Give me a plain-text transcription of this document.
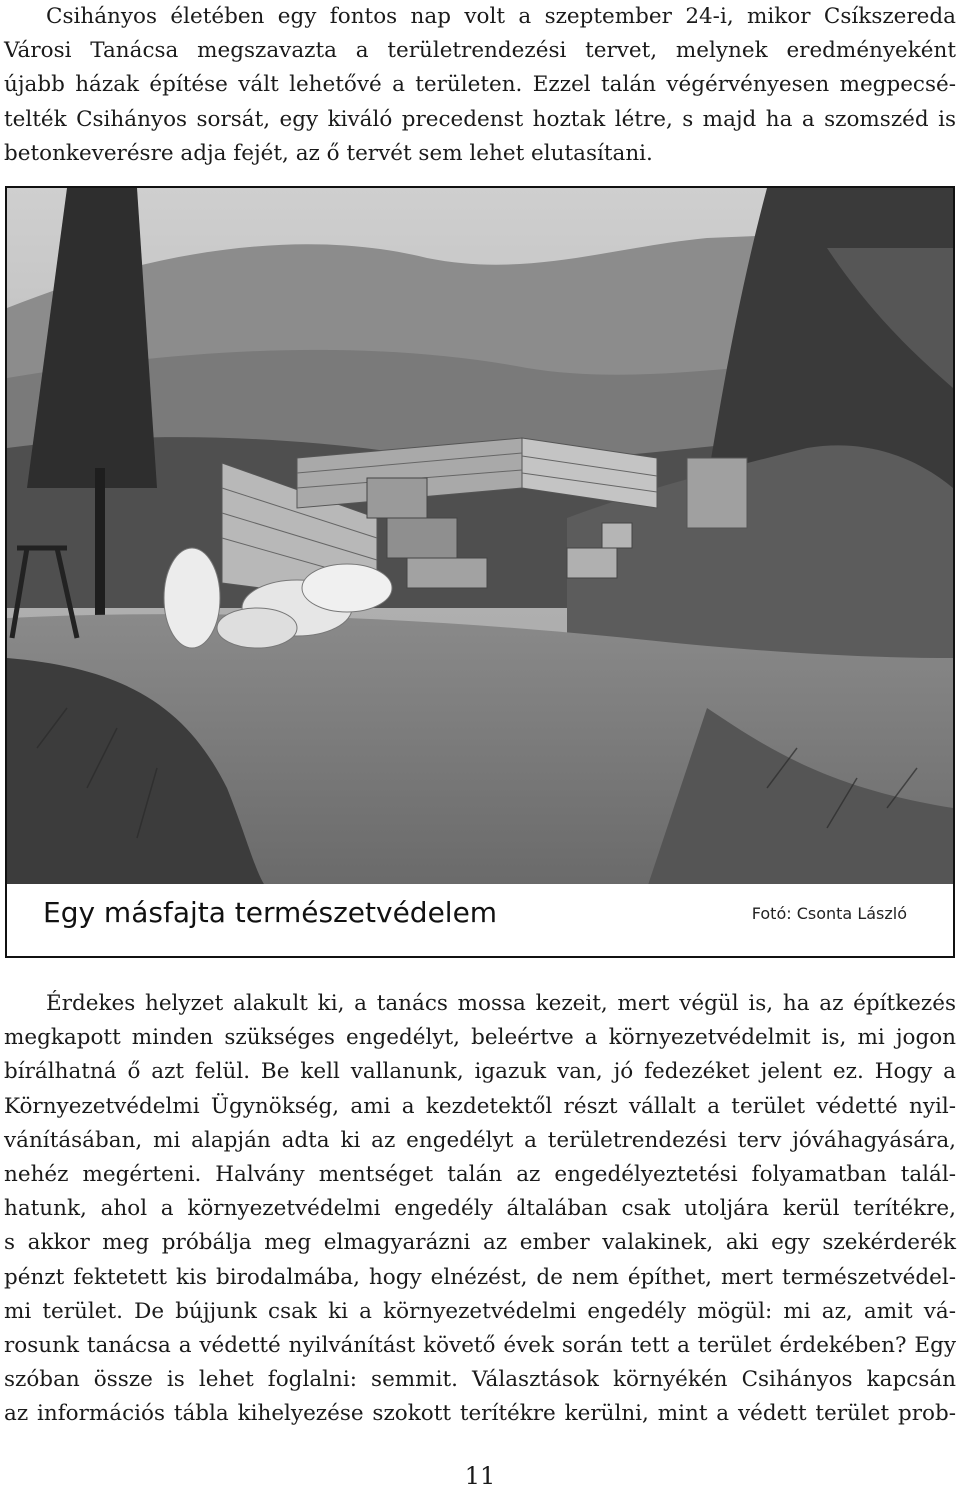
Csihányos életében egy fontos nap volt a szeptember 24-i, mikor Csíkszereda
Városi Tanácsa megszavazta a területrendezési tervet, melynek eredményeként
újabb házak építése vált lehetővé a területen. Ezzel talán végérvényesen megpecsé-
telték Csihányos sorsát, egy kiváló precedenst hoztak létre, s majd ha a szomszéd is
betonkeverésre adja fejét, az ő tervét sem lehet elutasítani.
Egy másfajta természetvédelem	Fotó: Csonta László
Érdekes helyzet alakult ki, a tanács mossa kezeit, mert végül is, ha az építkezés
megkapott minden szükséges engedélyt, beleértve a környezetvédelmit is, mi jogon
bírálhatná ő azt felül. Be kell vallanunk, igazuk van, jó fedezéket jelent ez. Hogy a
Környezetvédelmi Ügynökség, ami a kezdetektől részt vállalt a terület védetté nyil-
vánításában, mi alapján adta ki az engedélyt a területrendezési terv jóváhagyására,
nehéz megérteni. Halvány mentséget talán az engedélyeztetési folyamatban talál-
hatunk, ahol a környezetvédelmi engedély általában csak utoljára kerül terítékre,
s akkor meg próbálja meg elmagyarázni az ember valakinek, aki egy szekérderék
pénzt fektetett kis birodalmába, hogy elnézést, de nem építhet, mert természetvédel-
mi terület. De bújjunk csak ki a környezetvédelmi engedély mögül: mi az, amit vá-
rosunk tanácsa a védetté nyilvánítást követő évek során tett a terület érdekében? Egy
szóban össze is lehet foglalni: semmit. Választások környékén Csihányos kapcsán
az információs tábla kihelyezése szokott terítékre kerülni, mint a védett terület prob-
11
